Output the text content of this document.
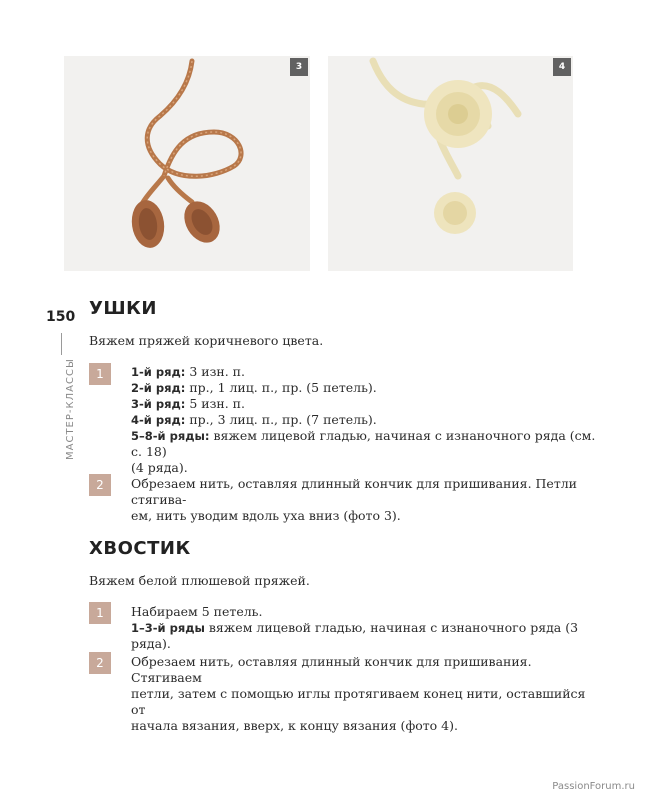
3	4
150
МАСТЕР-КЛАССЫ
УШКИ
Вяжем пряжей коричневого цвета.
1	1-й ряд: 3 изн. п.
2-й ряд: пр., 1 лиц. п., пр. (5 петель).
3-й ряд: 5 изн. п.
4-й ряд: пр., 3 лиц. п., пр. (7 петель).
5–8-й ряды: вяжем лицевой гладью, начиная с изнаночного ряда (см. с. 18)
(4 ряда).
2	Обрезаем нить, оставляя длинный кончик для пришивания. Петли стягива-
ем, нить уводим вдоль уха вниз (фото 3).
ХВОСТИК
Вяжем белой плюшевой пряжей.
1	Набираем 5 петель.
1–3-й ряды вяжем лицевой гладью, начиная с изнаночного ряда (3 ряда).
2	Обрезаем нить, оставляя длинный кончик для пришивания. Стягиваем
петли, затем с помощью иглы протягиваем конец нити, оставшийся от
начала вязания, вверх, к концу вязания (фото 4).
PassionForum.ru
